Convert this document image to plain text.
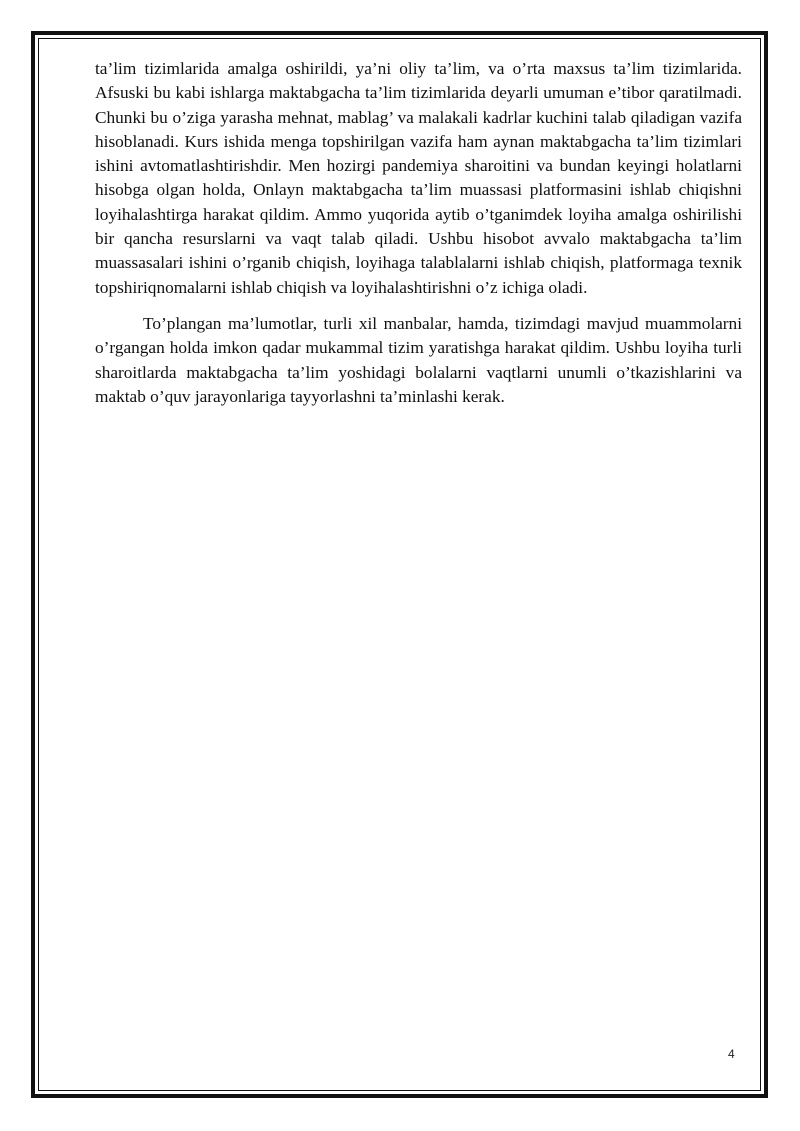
ta’lim tizimlarida amalga oshirildi, ya’ni oliy ta’lim, va o’rta maxsus ta’lim tizimlarida. Afsuski bu kabi ishlarga maktabgacha ta’lim tizimlarida deyarli umuman e’tibor qaratilmadi. Chunki bu o’ziga yarasha mehnat, mablag’ va malakali kadrlar kuchini talab qiladigan vazifa hisoblanadi. Kurs ishida menga topshirilgan vazifa ham aynan maktabgacha ta’lim tizimlari ishini avtomatlashtirishdir. Men hozirgi pandemiya sharoitini va bundan keyingi holatlarni hisobga olgan holda, Onlayn maktabgacha ta’lim muassasi platformasini ishlab chiqishni loyihalashtirga harakat qildim. Ammo yuqorida aytib o’tganimdek loyiha amalga oshirilishi bir qancha resurslarni va vaqt talab qiladi. Ushbu hisobot avvalo maktabgacha ta’lim muassasalari ishini o’rganib chiqish, loyihaga talablalarni ishlab chiqish, platformaga texnik topshiriqnomalarni ishlab chiqish va loyihalashtirishni o’z ichiga oladi.

To’plangan ma’lumotlar, turli xil manbalar, hamda, tizimdagi mavjud muammolarni o’rgangan holda imkon qadar mukammal tizim yaratishga harakat qildim. Ushbu loyiha turli sharoitlarda maktabgacha ta’lim yoshidagi bolalarni vaqtlarni unumli o’tkazishlarini va maktab o’quv jarayonlariga tayyorlashni ta’minlashi kerak.

4
